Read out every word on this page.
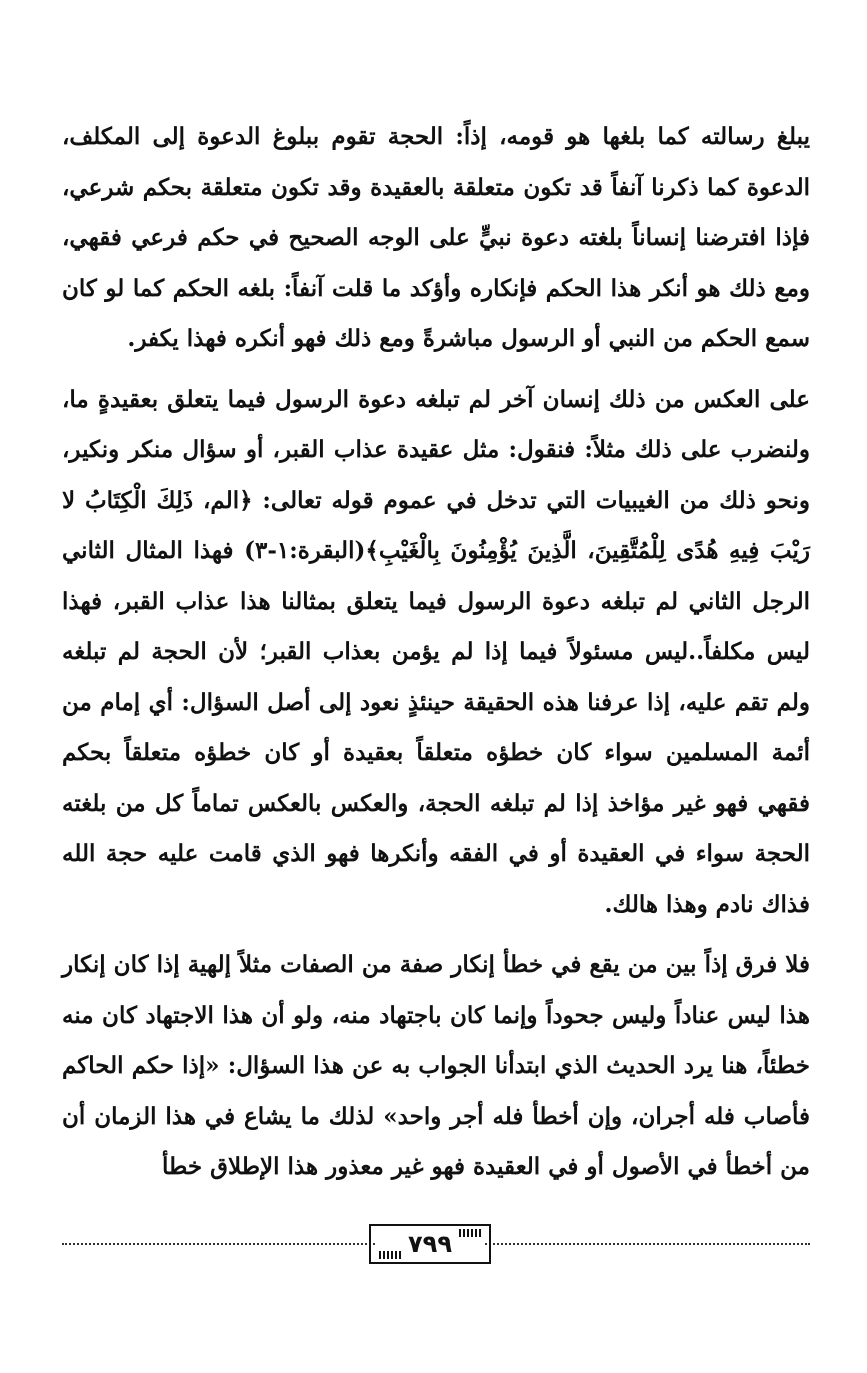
يبلغ رسالته كما بلغها هو قومه، إذاً: الحجة تقوم ببلوغ الدعوة إلى المكلف، الدعوة كما ذكرنا آنفاً قد تكون متعلقة بالعقيدة وقد تكون متعلقة بحكم شرعي، فإذا افترضنا إنساناً بلغته دعوة نبيٍّ على الوجه الصحيح في حكم فرعي فقهي، ومع ذلك هو أنكر هذا الحكم فإنكاره وأؤكد ما قلت آنفاً: بلغه الحكم كما لو كان سمع الحكم من النبي أو الرسول مباشرةً ومع ذلك فهو أنكره فهذا يكفر.

على العكس من ذلك إنسان آخر لم تبلغه دعوة الرسول فيما يتعلق بعقيدةٍ ما، ولنضرب على ذلك مثلاً: فنقول: مثل عقيدة عذاب القبر، أو سؤال منكر ونكير، ونحو ذلك من الغيبيات التي تدخل في عموم قوله تعالى: ﴿الم، ذَلِكَ الْكِتَابُ لا رَيْبَ فِيهِ هُدًى لِلْمُتَّقِينَ، الَّذِينَ يُؤْمِنُونَ بِالْغَيْبِ﴾(البقرة:١-٣) فهذا المثال الثاني الرجل الثاني لم تبلغه دعوة الرسول فيما يتعلق بمثالنا هذا عذاب القبر، فهذا ليس مكلفاً..ليس مسئولاً فيما إذا لم يؤمن بعذاب القبر؛ لأن الحجة لم تبلغه ولم تقم عليه، إذا عرفنا هذه الحقيقة حينئذٍ نعود إلى أصل السؤال: أي إمام من أئمة المسلمين سواء كان خطؤه متعلقاً بعقيدة أو كان خطؤه متعلقاً بحكم فقهي فهو غير مؤاخذ إذا لم تبلغه الحجة، والعكس بالعكس تماماً كل من بلغته الحجة سواء في العقيدة أو في الفقه وأنكرها فهو الذي قامت عليه حجة الله فذاك نادم وهذا هالك.

فلا فرق إذاً بين من يقع في خطأ إنكار صفة من الصفات مثلاً إلهية إذا كان إنكار هذا ليس عناداً وليس جحوداً وإنما كان باجتهاد منه، ولو أن هذا الاجتهاد كان منه خطئاً، هنا يرد الحديث الذي ابتدأنا الجواب به عن هذا السؤال: «إذا حكم الحاكم فأصاب فله أجران، وإن أخطأ فله أجر واحد» لذلك ما يشاع في هذا الزمان أن من أخطأ في الأصول أو في العقيدة فهو غير معذور هذا الإطلاق خطأ

٧٩٩
